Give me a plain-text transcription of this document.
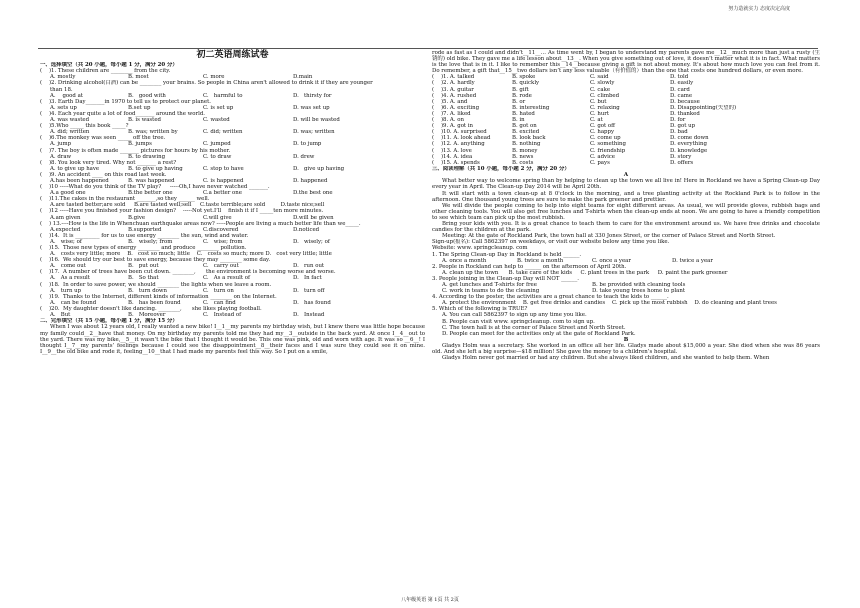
努力造就实力 态度决定高度
初二英语周练试卷
一、选择填空（共 20 小题，每小题 1 分，满分 20 分）
(    )1. These children are ________ from the city.
A. mostly	B. most	C. more	D.main
(    )2. Drinking alcohol(白酒) can be ________ your brains. So people in China aren't allowed to drink it if they are younger
than 18.
A.    good at	B.   good with	C.   harmful to	D.   thirsty for
(    )3. Earth Day_______in 1970 to tell us to protect our planet.
A. sets up	B.set up	C. is set up	D. was set up
(    )4. Each year quite a lot of food_______ around the world.
A. was wasted	B. is wasted	C. wasted	D. will be wasted
(    )5.Who _____ this book _____?
A. did; written	B. was; written by	C. did; written	D. was; written
(    )6.The monkey was seen _____ off the tree.
A. jump	B. jumps	C. jumped	D. to jump
(    )7. The boy is often made _______ pictures for hours by his mother.
A. draw	B. to drawing	C. to draw	D. drew
(    )8. You look very tired. Why not _______ a rest?
A. to give up have	B. to give up having	C. stop to have	D.   give up having
(    )9. An accident ____ on this road last week.
A.has been happened	B. was happened	C. is happened	D. happened
(    )10 -----What do you think of the TV play?     -----Oh,I have never watched _______.
A.a good one	B.the better one	C.a better one	D.the best one
(    )11.The cakes in the restaurant _______,so they ______ well.
A.are tasted better;are sold     B.are tasted well;sell     C.taste terrible;are sold         D.taste nice;sell
(    )12 -----Have you finished your fashion design?    -----Not yet.I’ll    finish it if I _____ten more minutes.
A.am given	B.give	C.will give	D.will be given
(    ) 13.----How is the life in Whenchuan earthquake areas now? -----People are living a much better life than we_____.
A.expected	B.supported	C.discovered	D.noticed
(    )14.  It is _________ for us to use energy ________ the sun, wind and water.
A.   wise; of	B.   wisely; from	C.   wise; from	D.   wisely; of
(    )15.  Those new types of energy ________ and produce ________ pollution.
A.   costs very little; more    B.   cost so much; little    C.   costs so much; more D.   cost very little; little
(    )16.  We should try our best to save energy, because they may ________ some day.
A.   come out	B.   put out	C.   carry out	D.   run out
(    )17.  A number of trees have been cut down. ________,      the environment is becoming worse and worse.
A.   As a result	B.   So that	C.   As a result of	D.   In fact
(    )18.  In order to save power, we should ________ the lights when we leave a room.
A.   turn up	B.   turn down	C.   turn on	D.   turn off
(    )19.  Thanks to the Internet, different kinds of information ________ on the Internet.
A.   can be found	B.   has been found	C.   can find	D.   has found
(    )20.  My daughter doesn't like dancing. ________,      she likes playing football.
A.   But	B.   Moreover	C.   Instead of	D.   Instead
二、完形填空（共 15 小题，每小题 1 分，满分 15 分）
When I was about 12 years old, I really wanted a new bike! I__1__my parents my birthday wish, but I knew there was little hope because my family could__2__have that money. On my birthday my parents told me they had my__3__outside in the back yard. At once I__4__out to the yard. There was my bike,__5__it wasn’t the bike that I thought it would be. This one was pink, old and worn with age. It was so __6__! I thought I__7__my parents’ feelings because I could see the disappointment__8__their faces and I was sure they could see it on mine. I__9__the old bike and rode it, feeling__10__that I had made my parents feel this way. So I put on a smile,
rode as fast as I could and didn’t__11__… As time went by, I began to understand my parents gave me__12__much more than just a rusty (生锈的) old bike. They gave me a life lesson about__13__. When you give something out of love, it doesn’t matter what it is in fact. What matters is the love that is in it. I like to remember this__14__because giving a gift is not about money. It's about how much love you can feel from it. Do remember, a gift that__15__two dollars isn’t any less valuable（有价值的）than the one that costs one hundred dollars, or even more.
(    )1. A. talked	B. spoke	C. said	D. told
(    )2. A. hardly	B. quickly	C. slowly	D. easily
(    )3. A. guitar	B. gift	C. cake	D. card
(    )4. A. rushed	B. rode	C. climbed	D. came
(    )5. A. and	B. or	C. but	D. because
(    )6. A. exciting	B. interesting	C. relaxing	D. Disappointing(失望的)
(    )7. A. liked	B. hated	C. hurt	D. thanked
(    )8. A. on	B. in	C. at	D. for
(    )9. A. got in	B. got on	C. got off	D. got up
(    )10. A. surprised	B. excited	C. happy	D. bad
(    )11. A. look ahead	B. look back	C. come up	D. come down
(    )12. A. anything	B. nothing	C. something	D. everything
(    )13. A. love	B. money	C. friendship	D. knowledge
(    )14. A. idea	B. news	C. advice	D. story
(    )15. A. spends	B. costs	C. pays	D. offers
三、阅读理解（共 10 小题，每小题 2 分，满分 20 分）
A
What better way to welcome spring than by helping to clean up the town we all live in! Here in Rockland we have a Spring Clean-up Day every year in April. The Clean-up Day 2014 will be April 20th.
It will start with a town clean-up at 8 0'clock in the morning, and a tree planting activity at the Rockland Park is to follow in the afternoon. One thousand young trees are sure to make the park greener and prettier.
We will divide the people coming to help into eight teams for eight different areas. As usual, we will provide gloves, rubbish bags and other cleaning tools. You will also get free lunches and T-shirts when the clean-up ends at noon. We are going to have a friendly competition to see which team can pick up the most rubbish.
Bring your kids with you. It is a great chance to teach them to care for the environment around us. We have free drinks and chocolate candies for the children at the park.
Meeting: At the gate of Rockland Park, the town hall at 330 Jones Street, or the corner of Palace Street and North Street.
Sign-up(报名): Call 5862397 on weekdays, or visit our website below any time you like.
Website: www. springcleanup. com
1. The Spring Clean-up Day in Rockland is held ______.
A. once a month	B. twice a month	C. once a year	D. twice a year
2. People in Rockland can help to ______ on the afternoon of April 20th.
A. clean up the town      B. take care of the kids     C. plant trees in the park     D. paint the park greener
3. People joining in the Clean-up Day will NOT ______.
A. get lunches and T-shirts for free	B. be provided with cleaning tools
C. work in teams to do the cleaning	D. take young trees home to plant
4. According to the poster, the activities are a great chance to teach the kids to ______.
A. protect the environment    B. get free drinks and candies    C. pick up the most rubbish    D. do cleaning and plant trees
5. Which of the following is TRUE?
A. You can call 5862397 to sign up any time you like.
B. People can visit www. springcleanup. com to sign up.
C. The town hall is at the corner of Palace Street and North Street.
D. People can meet for the activities only at the gate of Rockland Park.
B
Gladys Holm was a secretary. She worked in an office all her life. Gladys made about $15,000 a year. She died when she was 86 years old. And she left a big surprise—$18 million! She gave the money to a children’s hospital.
Gladys Holm never got married or had any children. But she always liked children, and she wanted to help them. When
八年级英语 第 1页 共 2页
